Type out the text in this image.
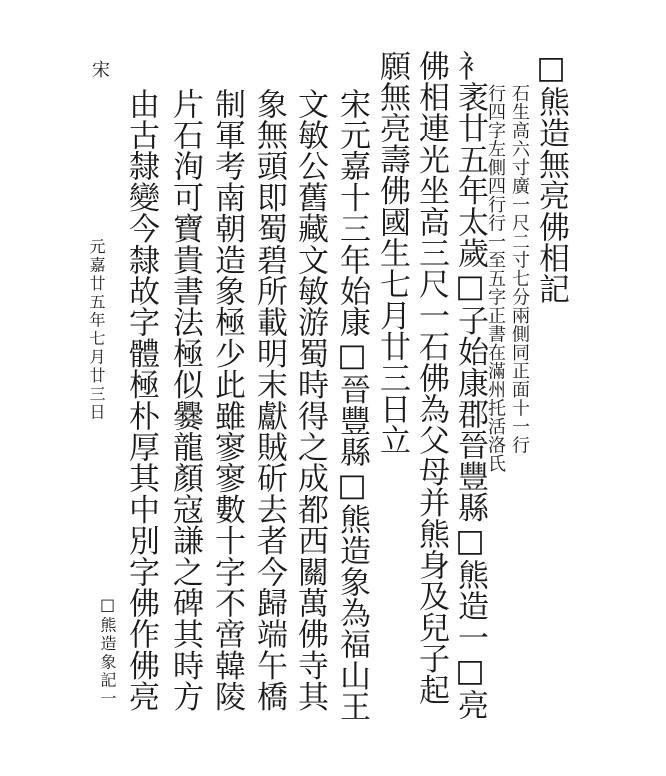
□熊造無亮佛相記
石生高六寸廣一尺二寸七分兩側同正面十一行
行四字左側四行行一至五字正書在滿州托活洛氏
衤袤廿五年太歲□子始康郡晉豐縣□熊造一□亮
佛相連光坐高三尺一石佛為父母并熊身及兒子起
願無亮壽佛國生七月廿三日立
宋元嘉十三年始康□晉豐縣□熊造象為福山王
文敏公舊藏文敏游蜀時得之成都西關萬佛寺其
象無頭即蜀碧所載明末獻賊斫去者今歸端午橋
制軍考南朝造象極少此雖寥寥數十字不啻韓陵
片石洵可寶貴書法極似爨龍顏寇謙之碑其時方
由古隸變今隸故字體極朴厚其中別字佛作佛亮
宋
元嘉廿五年七月廿三日
□熊造象記一
